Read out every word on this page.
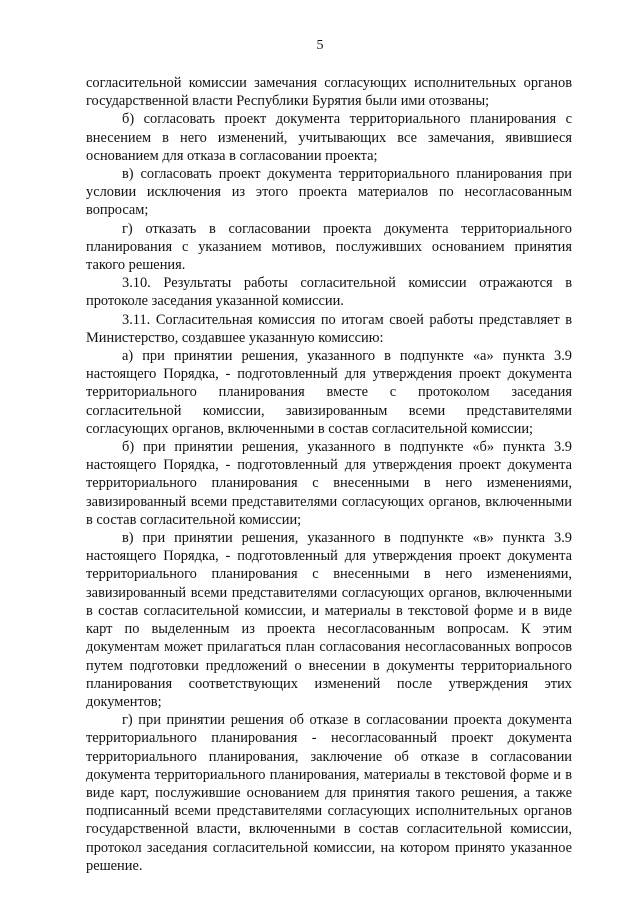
5

согласительной комиссии замечания согласующих исполнительных органов государственной власти Республики Бурятия были ими отозваны;

б) согласовать проект документа территориального планирования с внесением в него изменений, учитывающих все замечания, явившиеся основанием для отказа в согласовании проекта;

в) согласовать проект документа территориального планирования при условии исключения из этого проекта материалов по несогласованным вопросам;

г) отказать в согласовании проекта документа территориального планирования с указанием мотивов, послуживших основанием принятия такого решения.

3.10. Результаты работы согласительной комиссии отражаются в протоколе заседания указанной комиссии.

3.11. Согласительная комиссия по итогам своей работы представляет в Министерство, создавшее указанную комиссию:

а) при принятии решения, указанного в подпункте «а» пункта 3.9 настоящего Порядка, - подготовленный для утверждения проект документа территориального планирования вместе с протоколом заседания согласительной комиссии, завизированным всеми представителями согласующих органов, включенными в состав согласительной комиссии;

б) при принятии решения, указанного в подпункте «б» пункта 3.9 настоящего Порядка, - подготовленный для утверждения проект документа территориального планирования с внесенными в него изменениями, завизированный всеми представителями согласующих органов, включенными в состав согласительной комиссии;

в) при принятии решения, указанного в подпункте «в» пункта 3.9 настоящего Порядка, - подготовленный для утверждения проект документа территориального планирования с внесенными в него изменениями, завизированный всеми представителями согласующих органов, включенными в состав согласительной комиссии, и материалы в текстовой форме и в виде карт по выделенным из проекта несогласованным вопросам. К этим документам может прилагаться план согласования несогласованных вопросов путем подготовки предложений о внесении в документы территориального планирования соответствующих изменений после утверждения этих документов;

г) при принятии решения об отказе в согласовании проекта документа территориального планирования - несогласованный проект документа территориального планирования, заключение об отказе в согласовании документа территориального планирования, материалы в текстовой форме и в виде карт, послужившие основанием для принятия такого решения, а также подписанный всеми представителями согласующих исполнительных органов государственной власти, включенными в состав согласительной комиссии, протокол заседания согласительной комиссии, на котором принято указанное решение.
